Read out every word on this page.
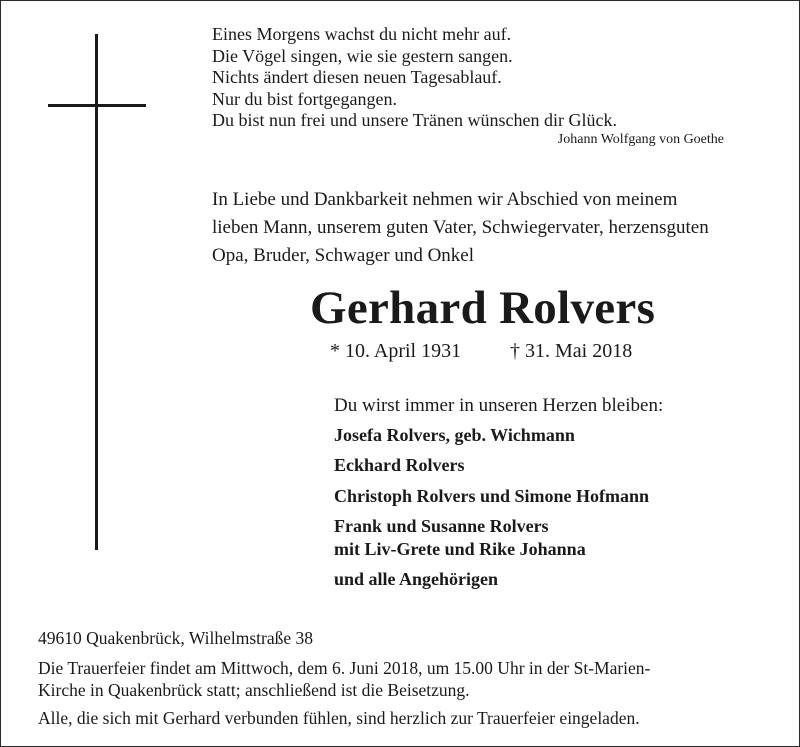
Eines Morgens wachst du nicht mehr auf.
Die Vögel singen, wie sie gestern sangen.
Nichts ändert diesen neuen Tagesablauf.
Nur du bist fortgegangen.
Du bist nun frei und unsere Tränen wünschen dir Glück.
Johann Wolfgang von Goethe
In Liebe und Dankbarkeit nehmen wir Abschied von meinem
lieben Mann, unserem guten Vater, Schwiegervater, herzensguten
Opa, Bruder, Schwager und Onkel
Gerhard Rolvers
* 10. April 1931 † 31. Mai 2018
Du wirst immer in unseren Herzen bleiben:
Josefa Rolvers, geb. Wichmann
Eckhard Rolvers
Christoph Rolvers und Simone Hofmann
Frank und Susanne Rolvers
mit Liv-Grete und Rike Johanna
und alle Angehörigen
49610 Quakenbrück, Wilhelmstraße 38
Die Trauerfeier findet am Mittwoch, dem 6. Juni 2018, um 15.00 Uhr in der St-Marien-
Kirche in Quakenbrück statt; anschließend ist die Beisetzung.
Alle, die sich mit Gerhard verbunden fühlen, sind herzlich zur Trauerfeier eingeladen.
